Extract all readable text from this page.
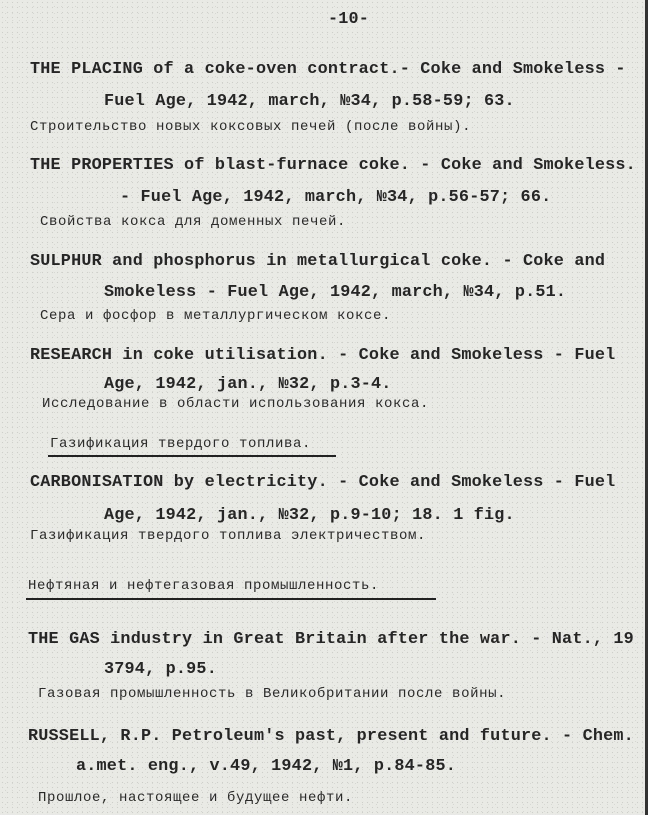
-10-
THE PLACING of a coke-oven contract.- Coke and Smokeless -
Fuel Age, 1942, march, №34, p.58-59; 63.
Строительство новых коксовых печей (после войны).
THE PROPERTIES of blast-furnace coke. - Coke and Smokeless.
- Fuel Age, 1942, march, №34, p.56-57; 66.
Свойства кокса для доменных печей.
SULPHUR and phosphorus in metallurgical coke. - Coke and
Smokeless - Fuel Age, 1942, march, №34, p.51.
Сера и фосфор в металлургическом коксе.
RESEARCH in coke utilisation. - Coke and Smokeless - Fuel
Age, 1942, jan., №32, p.3-4.
Исследование в области использования кокса.
Газификация твердого топлива.
CARBONISATION by electricity. - Coke and Smokeless - Fuel
Age, 1942, jan., №32, p.9-10; 18. 1 fig.
Газификация твердого топлива электричеством.
Нефтяная и нефтегазовая промышленность.
THE GAS industry in Great Britain after the war. - Nat., 19
3794, p.95.
Газовая промышленность в Великобритании после войны.
RUSSELL, R.P. Petroleum's past, present and future. - Chem.
a.met. eng., v.49, 1942, №1, p.84-85.
Прошлое, настоящее и будущее нефти.
